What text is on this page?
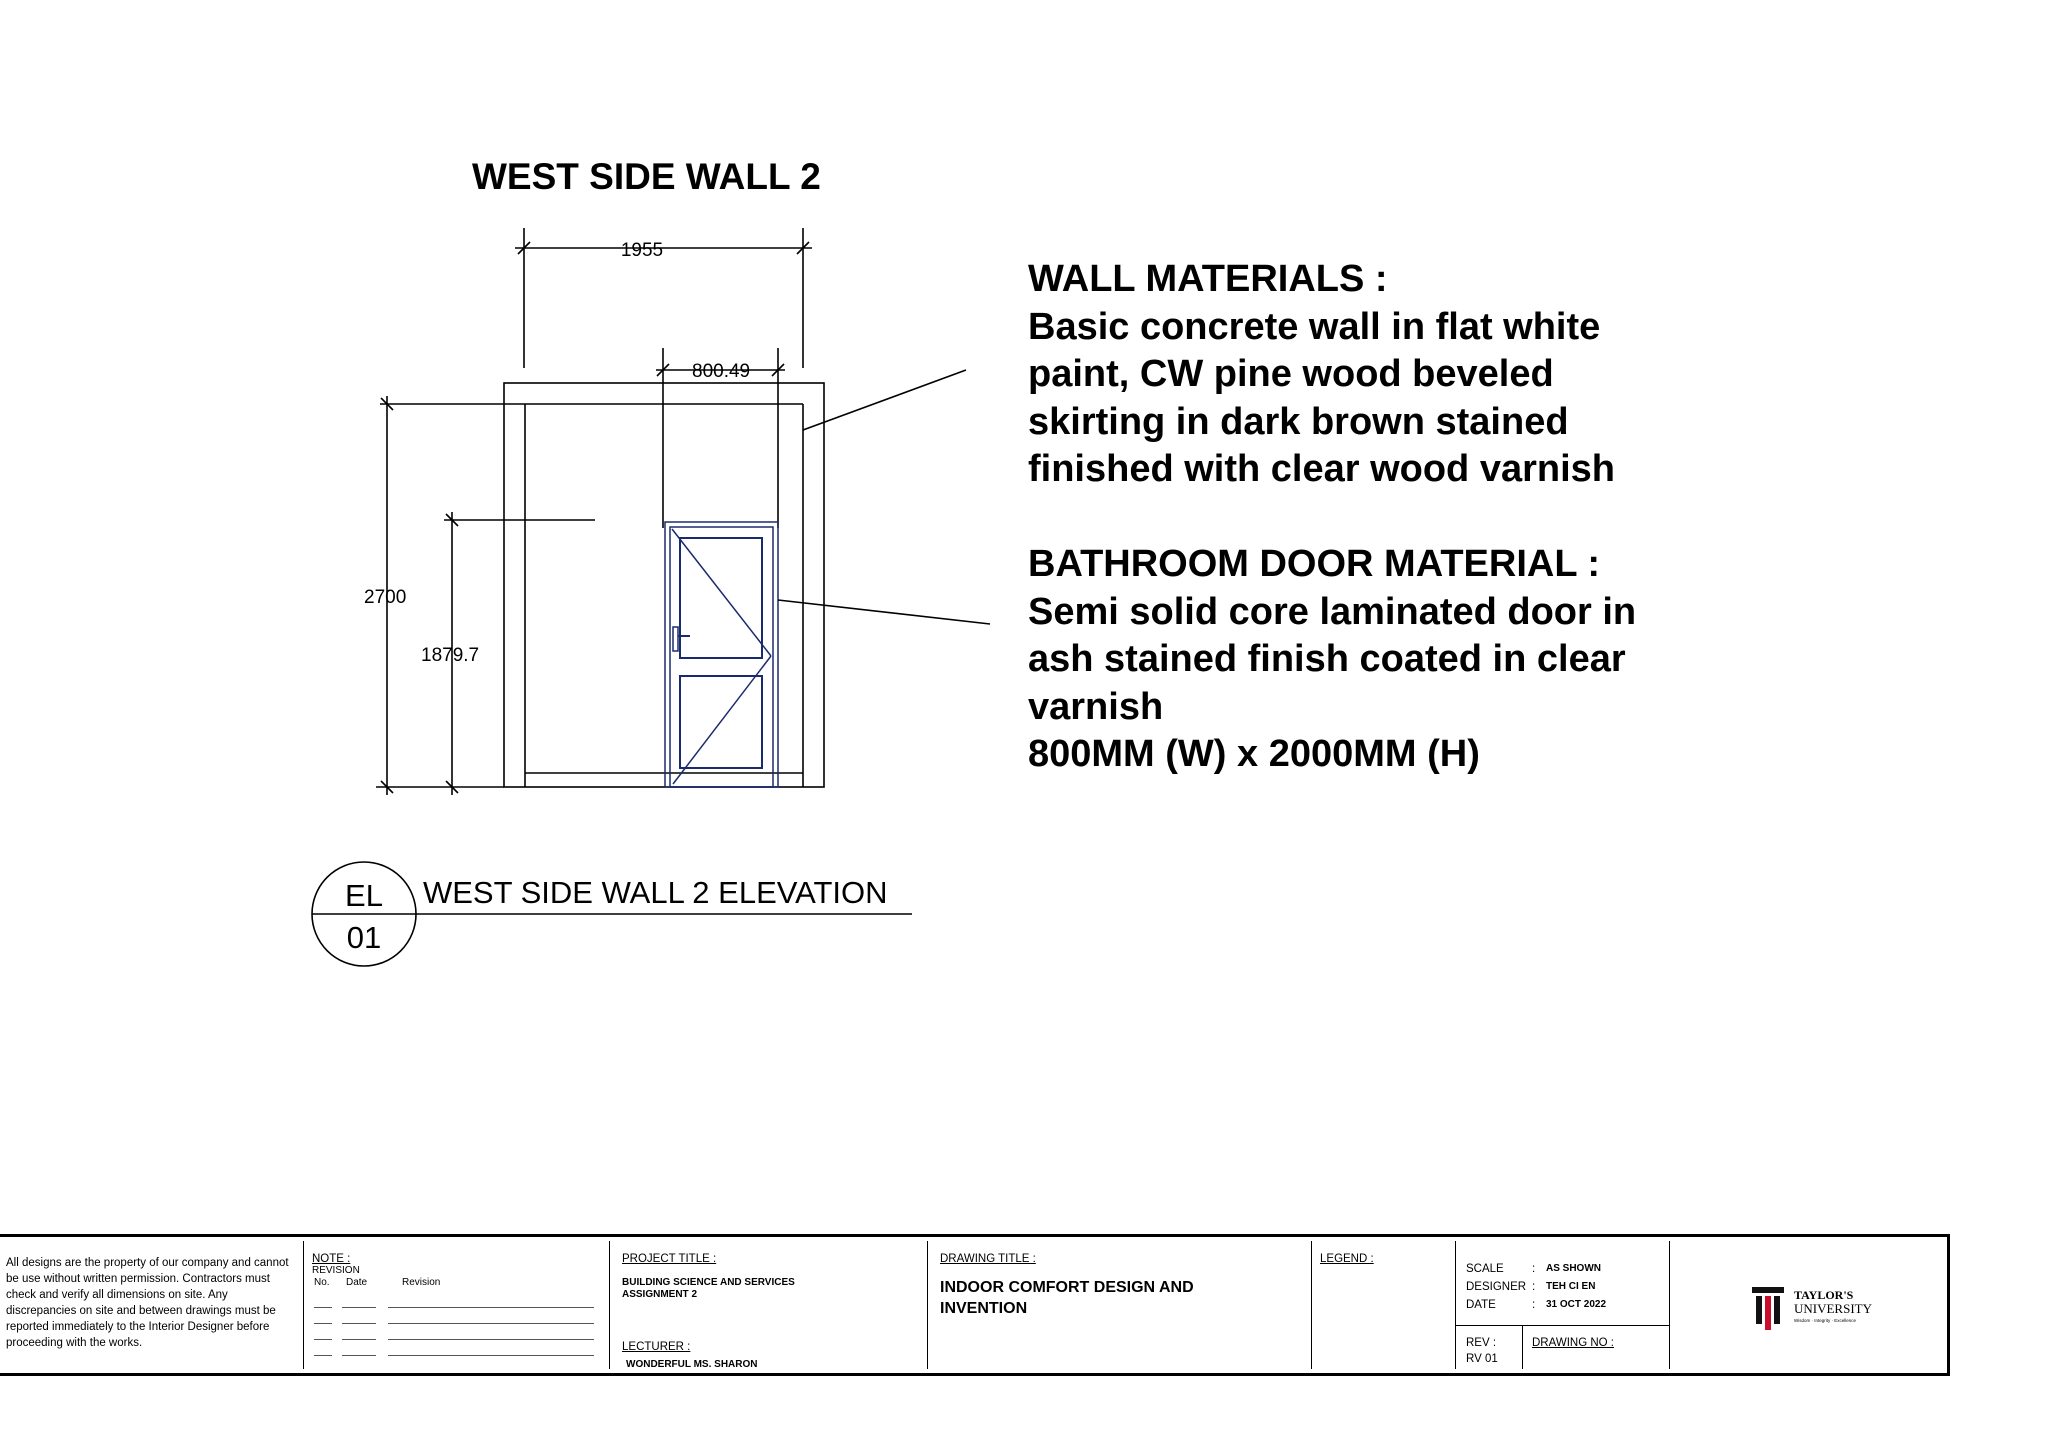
WEST SIDE WALL 2
1955
800.49
2700
1879.7
EL
01
WEST SIDE WALL 2 ELEVATION
WALL MATERIALS :
Basic concrete wall in flat white
paint, CW pine wood beveled
skirting in dark brown stained
finished with clear wood varnish
BATHROOM DOOR MATERIAL :
Semi solid core laminated door in
ash stained finish coated in clear
varnish
800MM (W) x 2000MM (H)
All designs are the property of our company and cannot be use without written permission. Contractors must check and verify all dimensions on site. Any discrepancies on site and between drawings must be reported immediately to the Interior Designer before proceeding with the works.
NOTE :
REVISION
No. Date	Revision
PROJECT TITLE :
BUILDING SCIENCE AND SERVICES
ASSIGNMENT 2
LECTURER :
WONDERFUL MS. SHARON
DRAWING TITLE :
INDOOR COMFORT DESIGN AND
INVENTION
LEGEND :
SCALE : AS SHOWN
DESIGNER : TEH CI EN
DATE	: 31 OCT 2022
REV :
RV 01
DRAWING NO :
TAYLOR'S
UNIVERSITY
Wisdom · Integrity · Excellence
